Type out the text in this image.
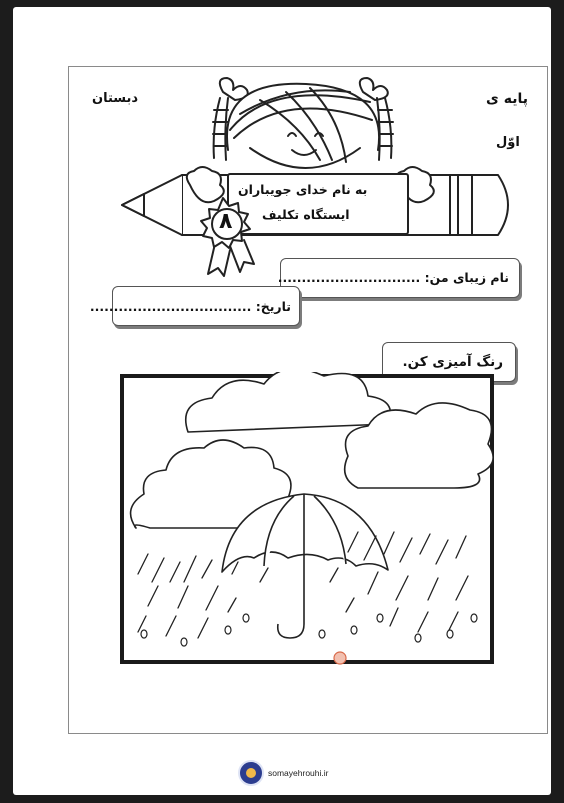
دبستان	پایه ی
اوّل
به نام خدای جویباران
ایستگاه تکلیف
۸
نام زیبای من: ..............................
تاریخ: ..................................
رنگ آمیزی کن.
somayehrouhi.ir
